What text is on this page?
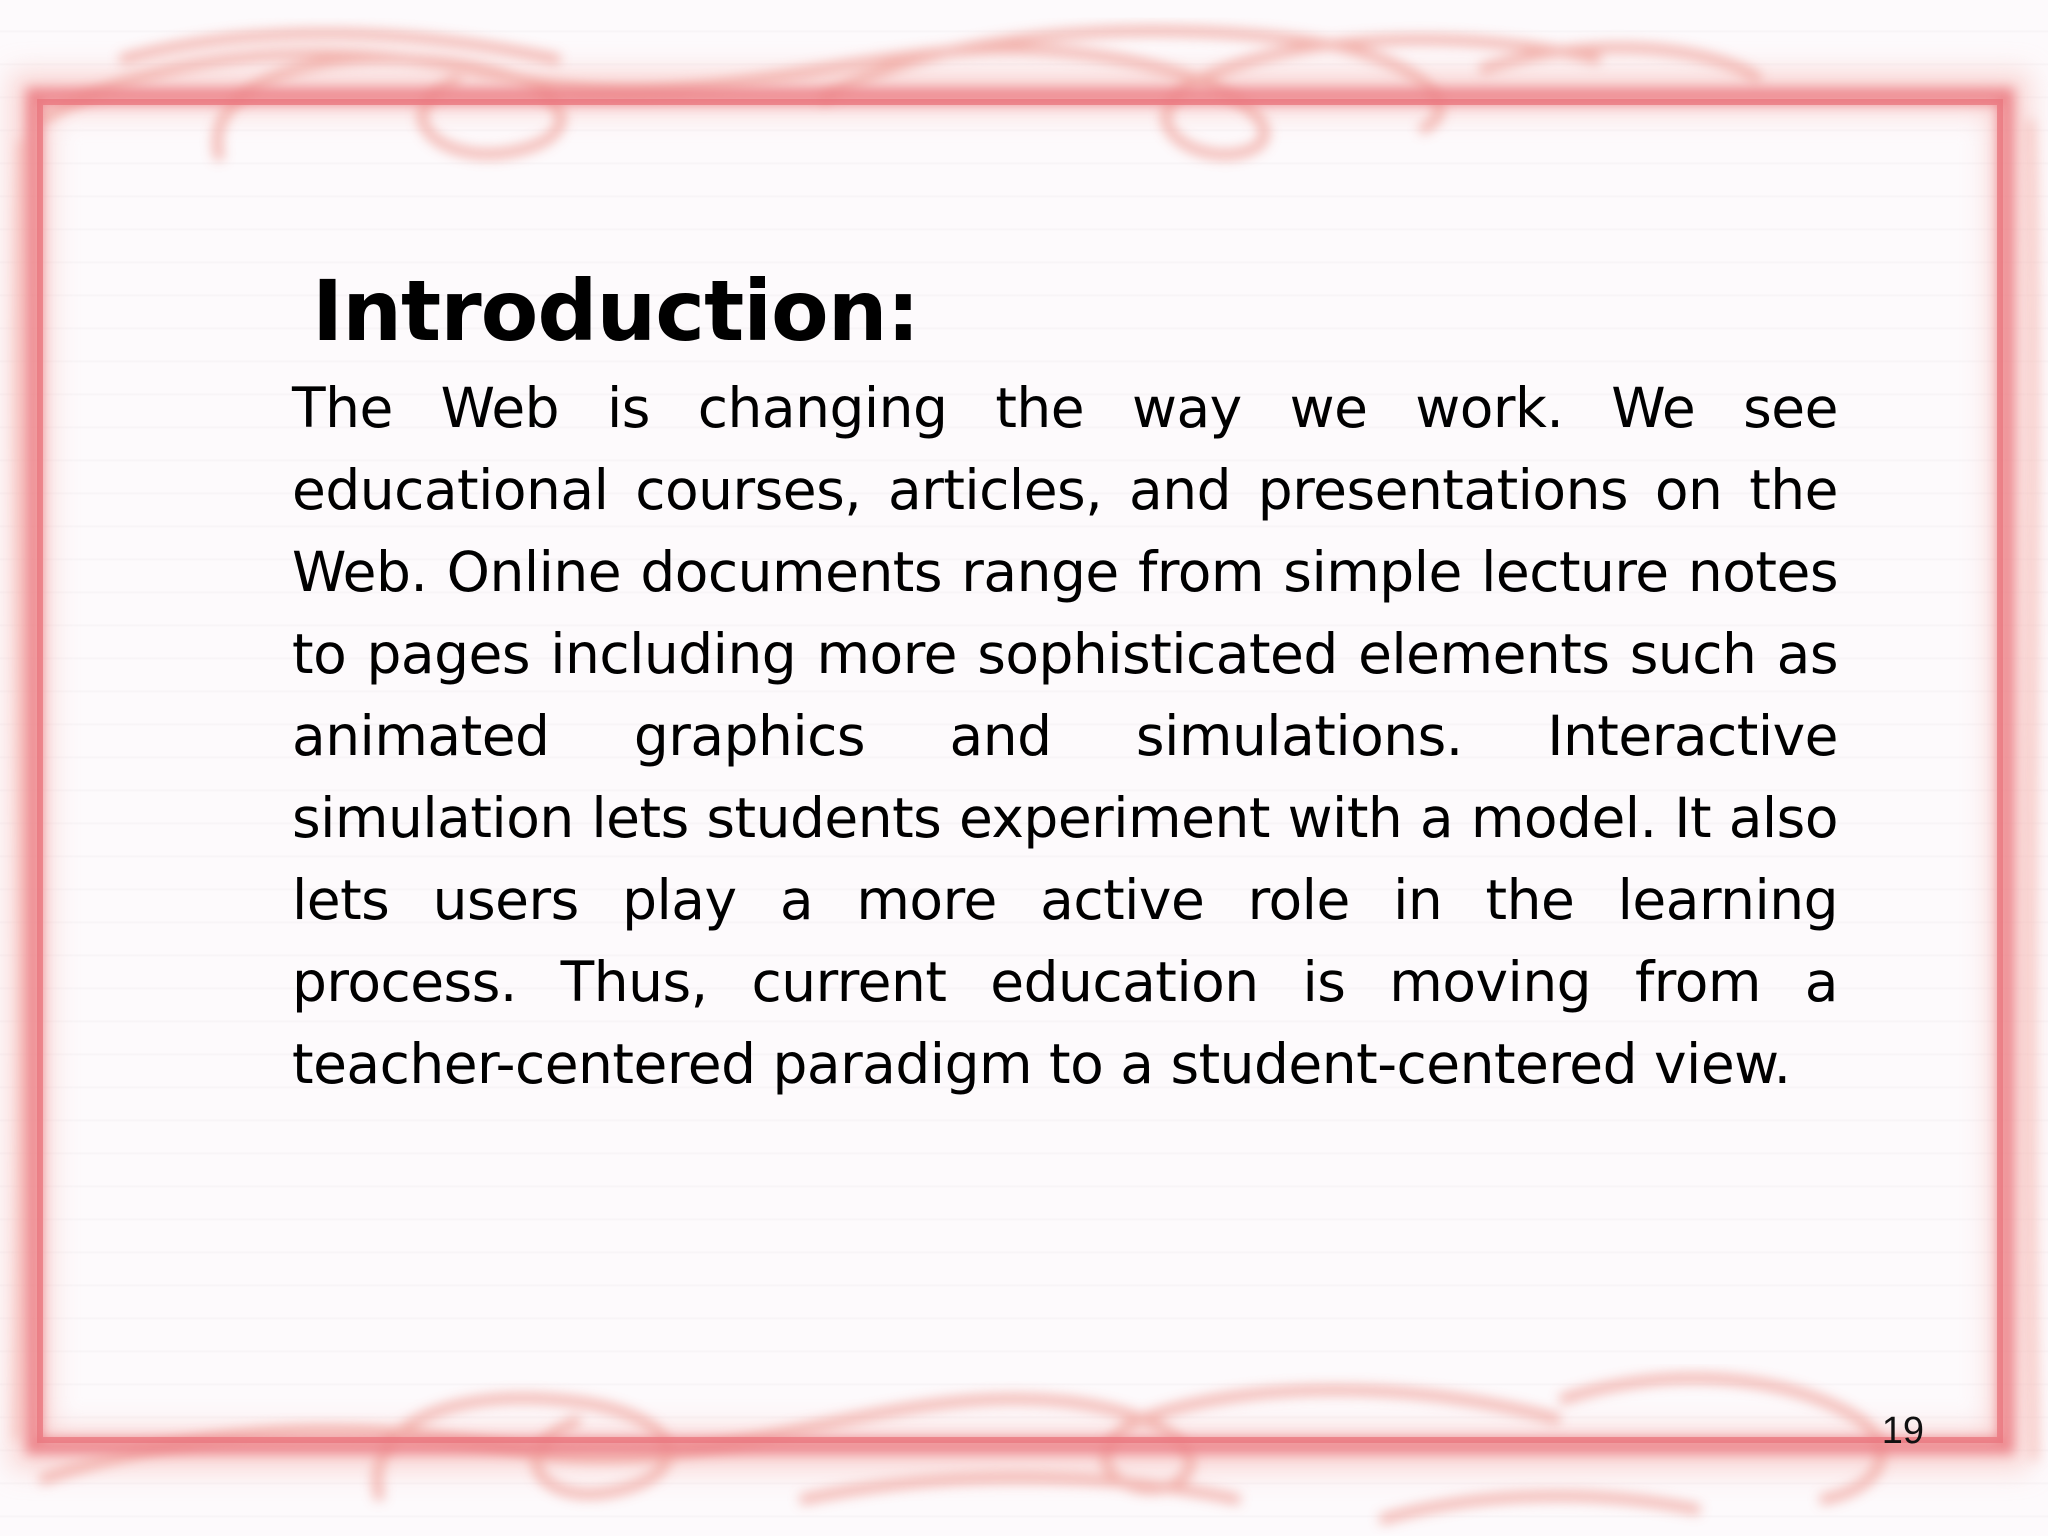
Introduction:

The Web is changing the way we work. We see educational courses, articles, and presentations on the Web. Online documents range from simple lecture notes to pages including more sophisticated elements such as animated graphics and simulations. Interactive simulation lets students experiment with a model. It also lets users play a more active role in the learning process. Thus, current education is moving from a teacher-centered paradigm to a student-centered view.

19
